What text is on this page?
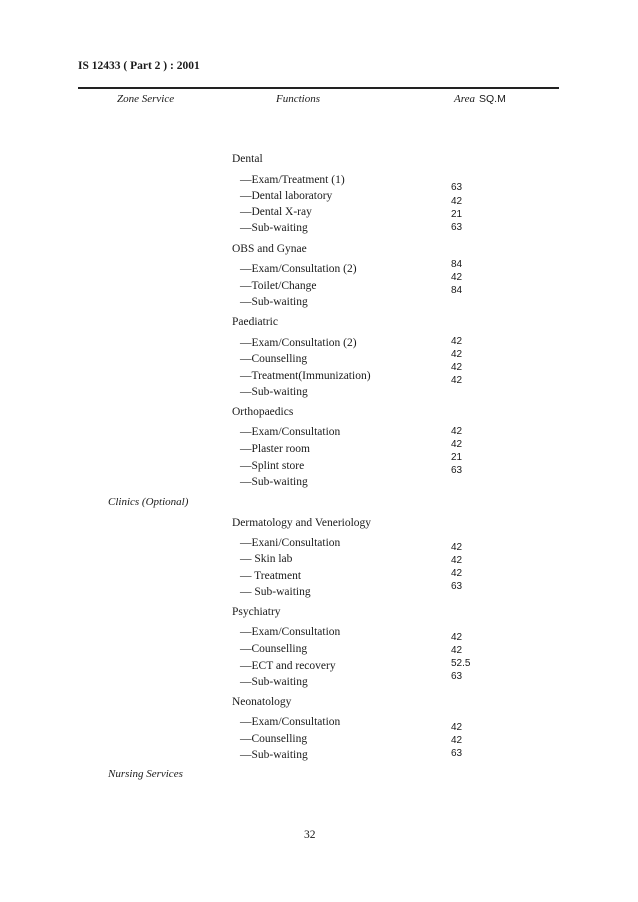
IS 12433 ( Part 2 ) : 2001
Zone Service	Functions	Area SQ.M
Dental
—Exam/Treatment (1)
—Dental laboratory
—Dental X-ray
—Sub-waiting
63
42
21
63
OBS and Gynae
—Exam/Consultation (2)
—Toilet/Change
—Sub-waiting
84
42
84
Paediatric
—Exam/Consultation (2)
—Counselling
—Treatment(Immunization)
—Sub-waiting
42
42
42
42
Orthopaedics
—Exam/Consultation
—Plaster room
—Splint store
—Sub-waiting
42
42
21
63
Clinics (Optional)
Dermatology and Veneriology
—Exani/Consultation
— Skin lab
— Treatment
— Sub-waiting
42
42
42
63
Psychiatry
—Exam/Consultation
—Counselling
—ECT and recovery
—Sub-waiting
42
42
52.5
63
Neonatology
—Exam/Consultation
—Counselling
—Sub-waiting
42
42
63
Nursing Services
32
